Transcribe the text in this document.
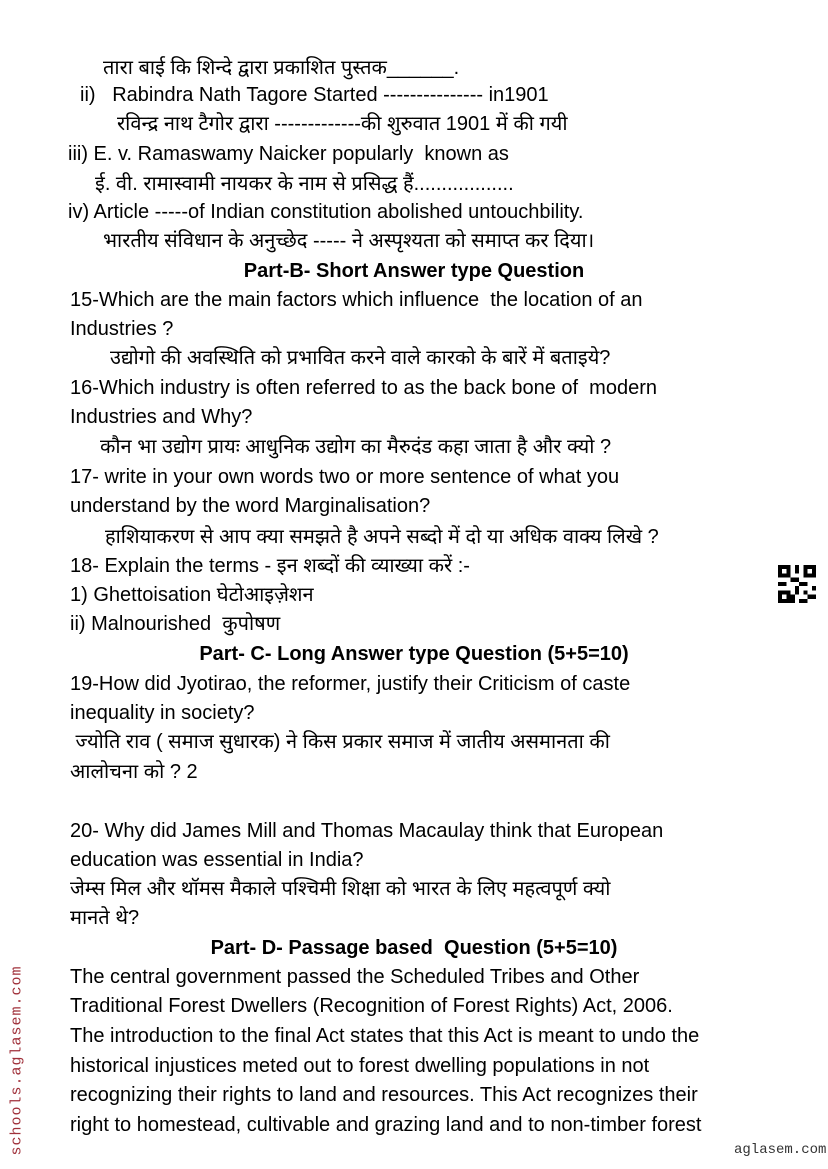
तारा बाई कि शिन्दे द्वारा प्रकाशित पुस्तक______.
ii)   Rabindra Nath Tagore Started --------------- in1901
रविन्द्र नाथ टैगोर द्वारा -------------की शुरुवात 1901 में की गयी
iii) E. v. Ramaswamy Naicker popularly  known as
ई. वी. रामास्वामी नायकर के नाम से प्रसिद्ध हैं..................
iv) Article -----of Indian constitution abolished untouchbility.
भारतीय संविधान के अनुच्छेद ----- ने अस्पृश्यता को समाप्त कर दिया।
Part-B- Short Answer type Question
15-Which are the main factors which influence  the location of an
Industries ?
उद्योगो की अवस्थिति को प्रभावित करने वाले कारको के बारें में बताइये?
16-Which industry is often referred to as the back bone of  modern
Industries and Why?
कौन भा उद्योग प्रायः आधुनिक उद्योग का मैरुदंड कहा जाता है और क्यो ?
17- write in your own words two or more sentence of what you
understand by the word Marginalisation?
हाशियाकरण से आप क्या समझते है अपने सब्दो में दो या अधिक वाक्य लिखे ?
18- Explain the terms - इन शब्दों की व्याख्या करें :-
1) Ghettoisation घेटोआइज़ेशन
ii) Malnourished  कुपोषण
Part- C- Long Answer type Question (5+5=10)
19-How did Jyotirao, the reformer, justify their Criticism of caste
inequality in society?
ज्योति राव ( समाज सुधारक) ने किस प्रकार समाज में जातीय असमानता की
आलोचना को ? 2
20- Why did James Mill and Thomas Macaulay think that European
education was essential in India?
जेम्स मिल और थॉमस मैकाले पश्चिमी शिक्षा को भारत के लिए महत्वपूर्ण क्यो
मानते थे?
Part- D- Passage based  Question (5+5=10)
The central government passed the Scheduled Tribes and Other
Traditional Forest Dwellers (Recognition of Forest Rights) Act, 2006.
The introduction to the final Act states that this Act is meant to undo the
historical injustices meted out to forest dwelling populations in not
recognizing their rights to land and resources. This Act recognizes their
right to homestead, cultivable and grazing land and to non-timber forest
schools.aglasem.com	aglasem.com
